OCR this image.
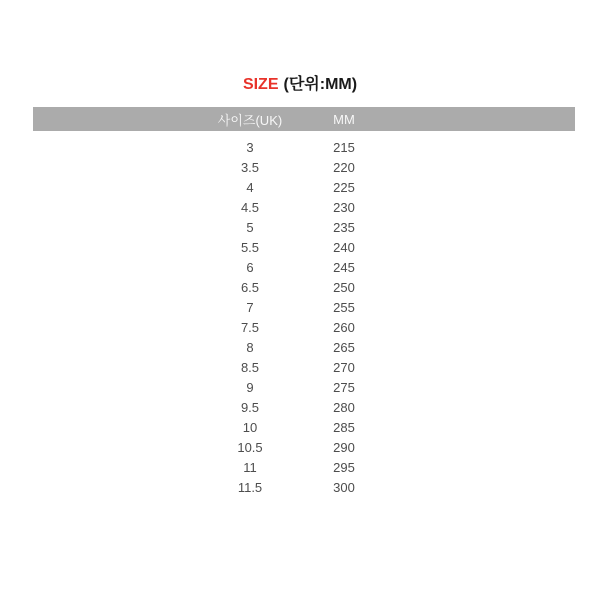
SIZE (단위:MM)
사이즈(UK)	MM
3	215
3.5	220
4	225
4.5	230
5	235
5.5	240
6	245
6.5	250
7	255
7.5	260
8	265
8.5	270
9	275
9.5	280
10	285
10.5	290
11	295
11.5	300
